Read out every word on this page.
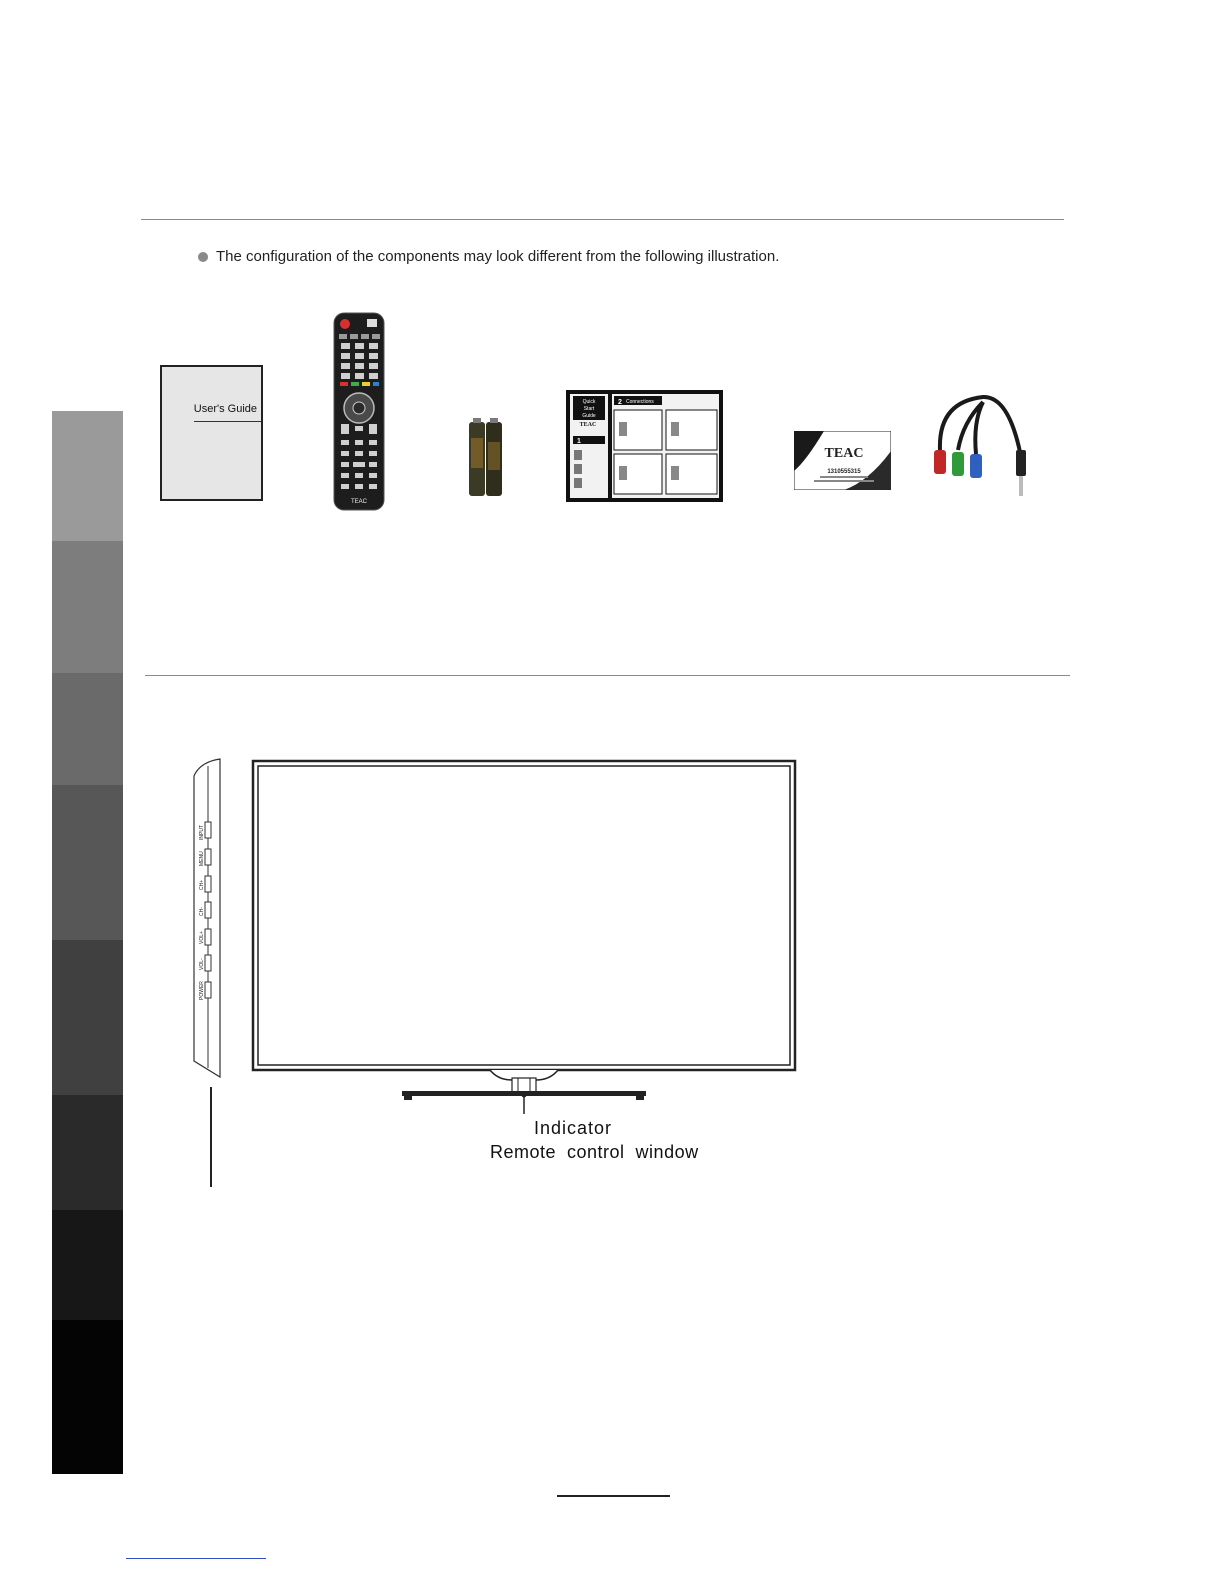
The configuration of the components may look different from the following illustration.
User's Guide
TEAC
Quick
Start
Guide
TEAC
1
2 Connections
TEAC
1310555315
INPUT
MENU
CH+
CH-
VOL+
VOL-
POWER
Indicator
Remote  control  window
